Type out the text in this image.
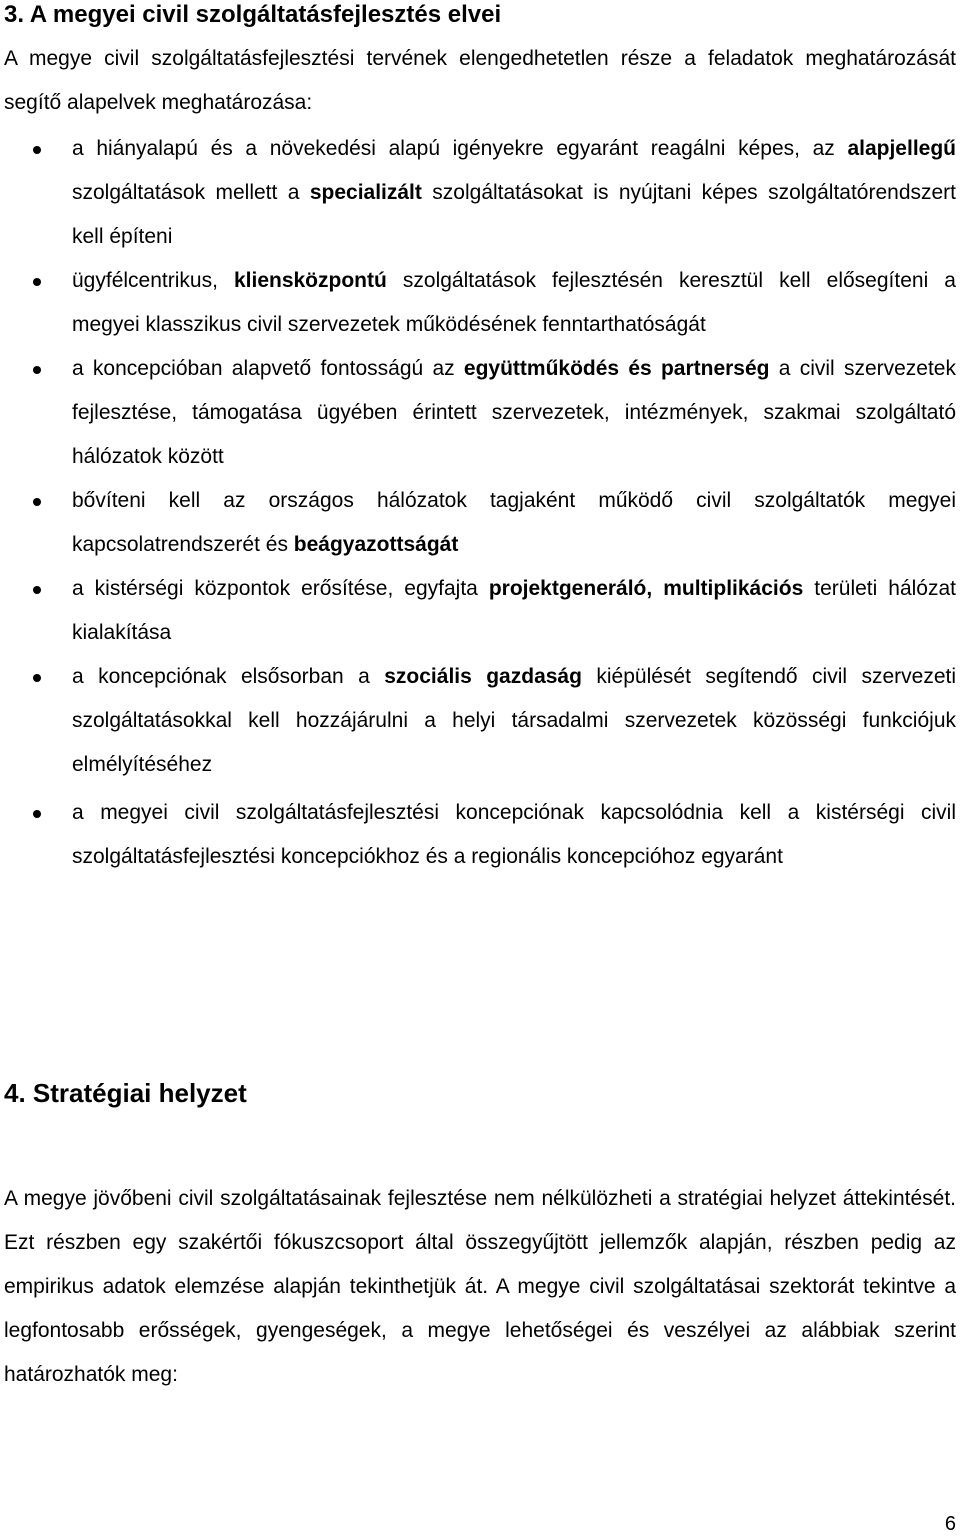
3. A megyei civil szolgáltatásfejlesztés elvei

A megye civil szolgáltatásfejlesztési tervének elengedhetetlen része a feladatok meghatározását segítő alapelvek meghatározása:

a hiányalapú és a növekedési alapú igényekre egyaránt reagálni képes, az alapjellegű szolgáltatások mellett a specializált szolgáltatásokat is nyújtani képes szolgáltatórendszert kell építeni
ügyfélcentrikus, kliensközpontú szolgáltatások fejlesztésén keresztül kell elősegíteni a megyei klasszikus civil szervezetek működésének fenntarthatóságát
a koncepcióban alapvető fontosságú az együttműködés és partnerség a civil szervezetek fejlesztése, támogatása ügyében érintett szervezetek, intézmények, szakmai szolgáltató hálózatok között
bővíteni kell az országos hálózatok tagjaként működő civil szolgáltatók megyei kapcsolatrendszerét és beágyazottságát
a kistérségi központok erősítése, egyfajta projektgeneráló, multiplikációs területi hálózat kialakítása
a koncepciónak elsősorban a szociális gazdaság kiépülését segítendő civil szervezeti szolgáltatásokkal kell hozzájárulni a helyi társadalmi szervezetek közösségi funkciójuk elmélyítéséhez
a megyei civil szolgáltatásfejlesztési koncepciónak kapcsolódnia kell a kistérségi civil szolgáltatásfejlesztési koncepciókhoz és a regionális koncepcióhoz egyaránt
4. Stratégiai helyzet

A megye jövőbeni civil szolgáltatásainak fejlesztése nem nélkülözheti a stratégiai helyzet áttekintését. Ezt részben egy szakértői fókuszcsoport által összegyűjtött jellemzők alapján, részben pedig az empirikus adatok elemzése alapján tekinthetjük át. A megye civil szolgáltatásai szektorát tekintve a legfontosabb erősségek, gyengeségek, a megye lehetőségei és veszélyei az alábbiak szerint határozhatók meg:

6
